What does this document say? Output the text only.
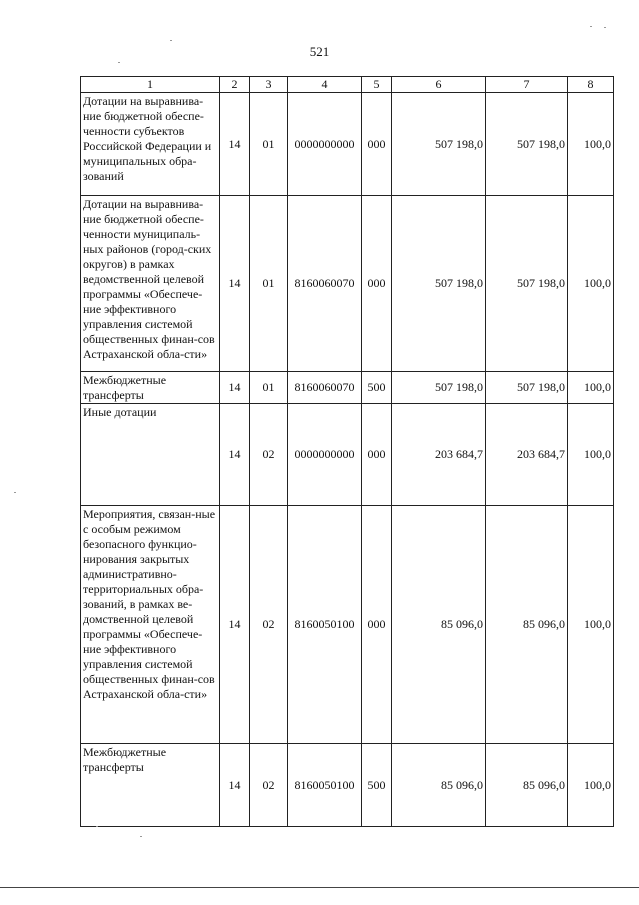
521
1	2	3	4	5	6	7	8
Дотации на выравнива-ние бюджетной обеспе-ченности субъектов Российской Федерации и муниципальных обра-зований	14	01	0000000000	000	507 198,0	507 198,0	100,0
Дотации на выравнива-ние бюджетной обеспе-ченности муниципаль-ных районов (город-ских округов) в рамках ведомственной целевой программы «Обеспече-ние эффективного управления системой общественных финан-сов Астраханской обла-сти»	14	01	8160060070	000	507 198,0	507 198,0	100,0
Межбюджетные трансферты	14	01	8160060070	500	507 198,0	507 198,0	100,0
Иные дотации	14	02	0000000000	000	203 684,7	203 684,7	100,0
Мероприятия, связан-ные с особым режимом безопасного функцио-нирования закрытых административно-территориальных обра-зований, в рамках ве-домственной целевой программы «Обеспече-ние эффективного управления системой общественных финан-сов Астраханской обла-сти»	14	02	8160050100	000	85 096,0	85 096,0	100,0
Межбюджетные трансферты	14	02	8160050100	500	85 096,0	85 096,0	100,0
